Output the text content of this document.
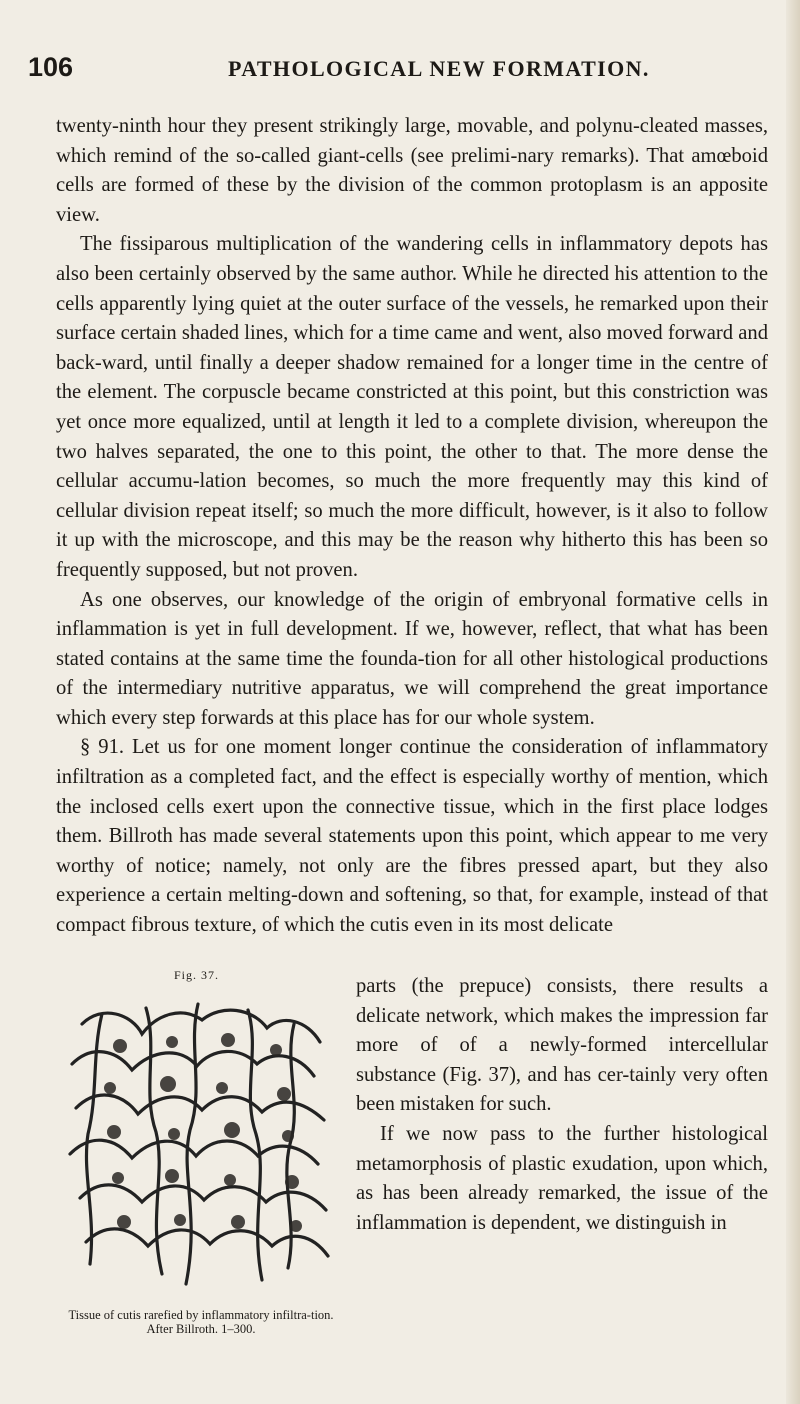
106	PATHOLOGICAL NEW FORMATION.

twenty-ninth hour they present strikingly large, movable, and polynu-cleated masses, which remind of the so-called giant-cells (see prelimi-nary remarks). That amœboid cells are formed of these by the division of the common protoplasm is an apposite view.

The fissiparous multiplication of the wandering cells in inflammatory depots has also been certainly observed by the same author. While he directed his attention to the cells apparently lying quiet at the outer surface of the vessels, he remarked upon their surface certain shaded lines, which for a time came and went, also moved forward and back-ward, until finally a deeper shadow remained for a longer time in the centre of the element. The corpuscle became constricted at this point, but this constriction was yet once more equalized, until at length it led to a complete division, whereupon the two halves separated, the one to this point, the other to that. The more dense the cellular accumu-lation becomes, so much the more frequently may this kind of cellular division repeat itself; so much the more difficult, however, is it also to follow it up with the microscope, and this may be the reason why hitherto this has been so frequently supposed, but not proven.

As one observes, our knowledge of the origin of embryonal formative cells in inflammation is yet in full development. If we, however, reflect, that what has been stated contains at the same time the founda-tion for all other histological productions of the intermediary nutritive apparatus, we will comprehend the great importance which every step forwards at this place has for our whole system.

§ 91. Let us for one moment longer continue the consideration of inflammatory infiltration as a completed fact, and the effect is especially worthy of mention, which the inclosed cells exert upon the connective tissue, which in the first place lodges them. Billroth has made several statements upon this point, which appear to me very worthy of notice; namely, not only are the fibres pressed apart, but they also experience a certain melting-down and softening, so that, for example, instead of that compact fibrous texture, of which the cutis even in its most delicate

Fig. 37.
Tissue of cutis rarefied by inflammatory infiltra-tion. After Billroth. 1–300.

parts (the prepuce) consists, there results a delicate network, which makes the impression far more of of a newly-formed intercellular substance (Fig. 37), and has cer-tainly very often been mistaken for such.

If we now pass to the further histological metamorphosis of plastic exudation, upon which, as has been already remarked, the issue of the inflammation is dependent, we distinguish in
